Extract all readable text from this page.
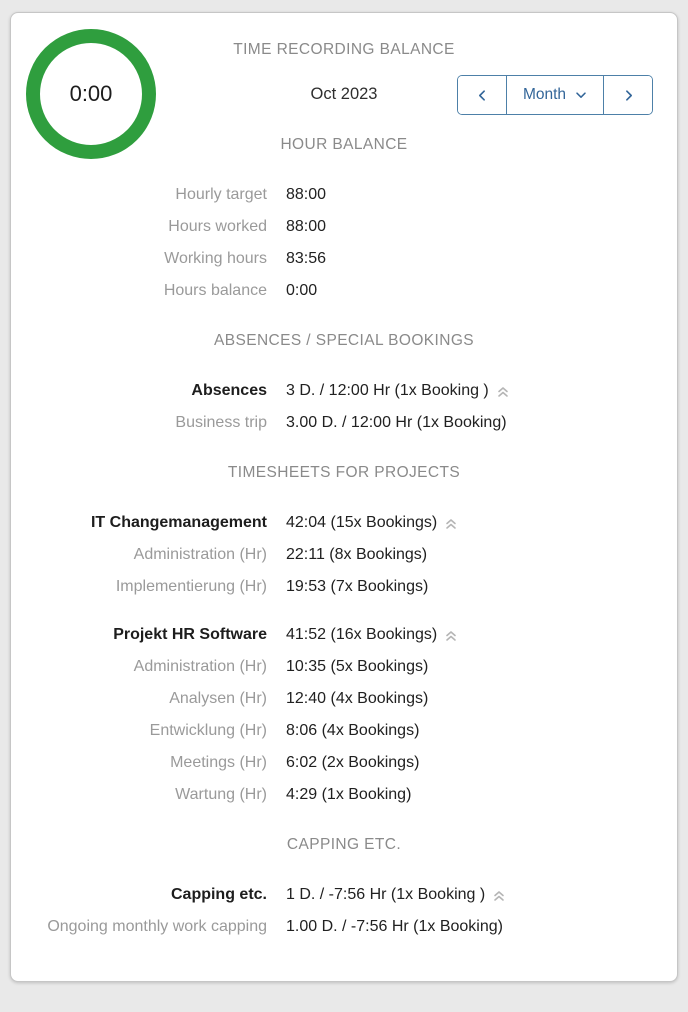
0:00
TIME RECORDING BALANCE
Oct 2023	Month
HOUR BALANCE
Hourly target 88:00
Hours worked 88:00
Working hours 83:56
Hours balance 0:00
ABSENCES / SPECIAL BOOKINGS
Absences 3 D. / 12:00 Hr (1x Booking )
Business trip 3.00 D. / 12:00 Hr (1x Booking)
TIMESHEETS FOR PROJECTS
IT Changemanagement 42:04 (15x Bookings)
Administration (Hr) 22:11 (8x Bookings)
Implementierung (Hr) 19:53 (7x Bookings)
Projekt HR Software 41:52 (16x Bookings)
Administration (Hr) 10:35 (5x Bookings)
Analysen (Hr) 12:40 (4x Bookings)
Entwicklung (Hr) 8:06 (4x Bookings)
Meetings (Hr) 6:02 (2x Bookings)
Wartung (Hr) 4:29 (1x Booking)
CAPPING ETC.
Capping etc. 1 D. / -7:56 Hr (1x Booking )
Ongoing monthly work capping 1.00 D. / -7:56 Hr (1x Booking)
